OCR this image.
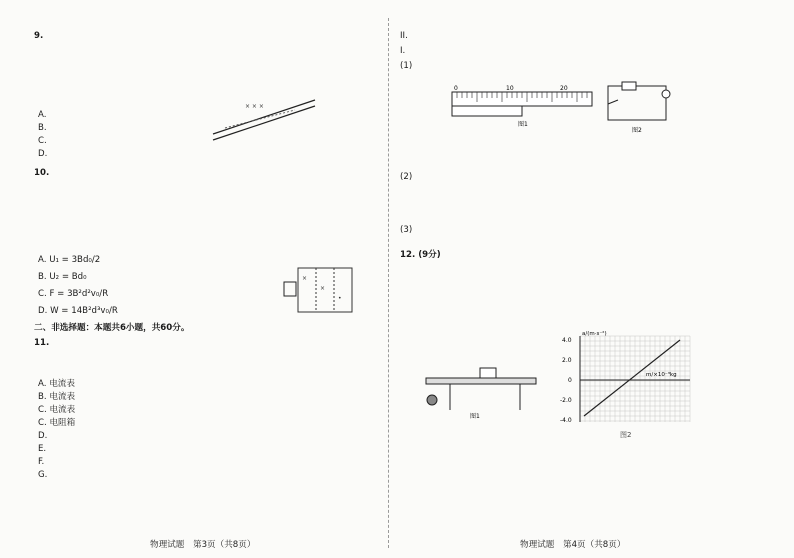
9.
A.
B.
C.
D.
10.
A. U₁ = 3Bd₀/2
B. U₂ = Bd₀
C. F = 3B²d²v₀/R
D. W = 14B²d³v₀/R
二、非选择题：本题共6小题，共60分。
11.
A. 电流表
B. 电流表
C. 电流表
C. 电阻箱
D.
E.
F.
G.
× × ×
×
×
•
II.
I.
(1)
(2)
(3)
12. (9分)
0	10	20
图1
图2
图1
4.0
2.0
0
-2.0
-4.0
m/×10⁻³kg
a/(m·s⁻²)
图2
物理试题　第3页（共8页）	物理试题　第4页（共8页）
